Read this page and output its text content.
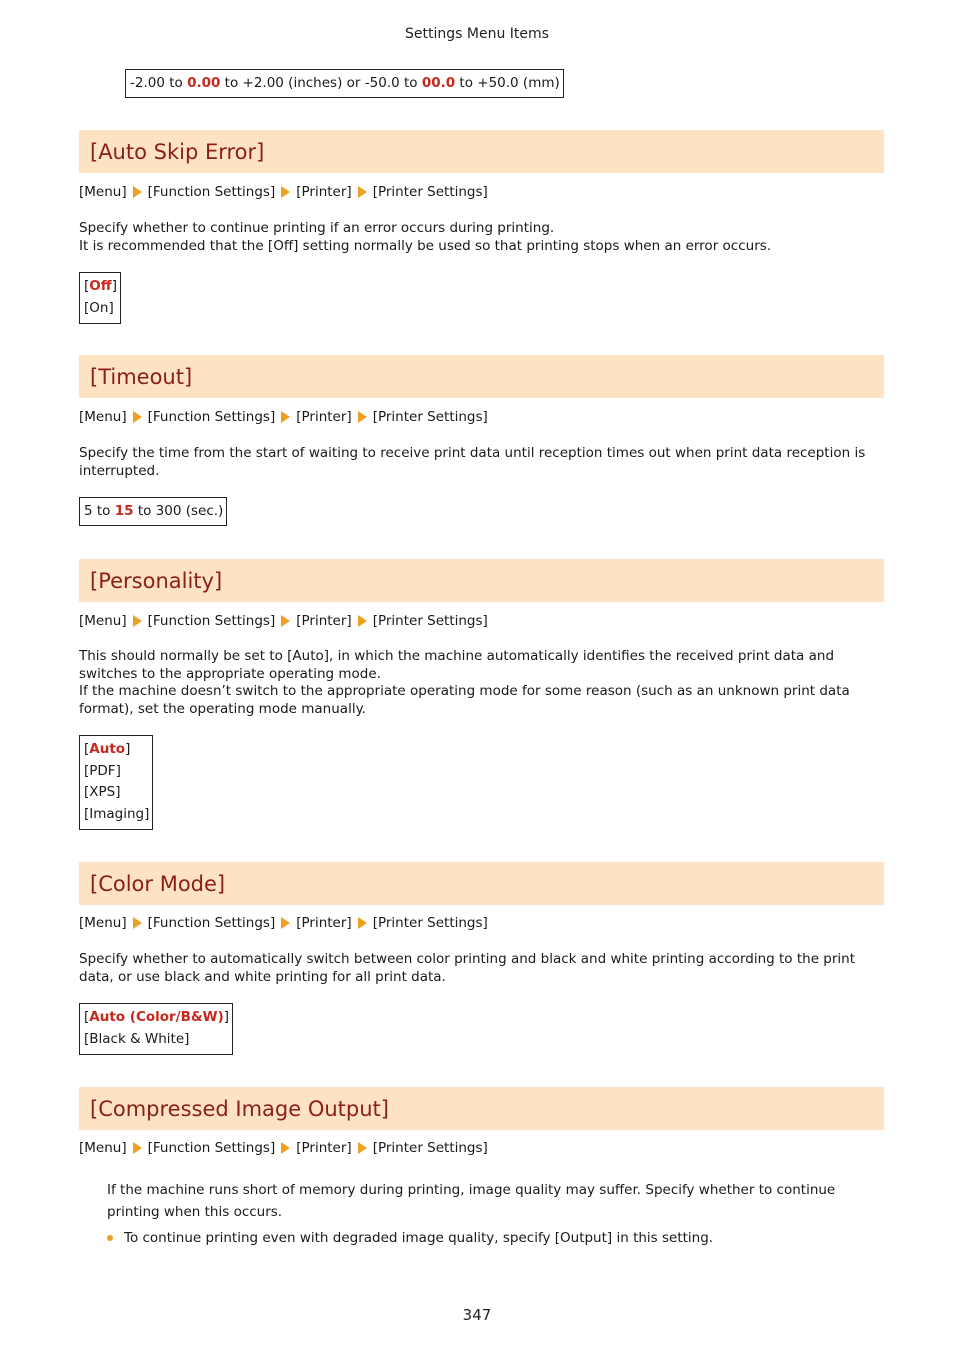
Settings Menu Items
-2.00 to 0.00 to +2.00 (inches) or -50.0 to 00.0 to +50.0 (mm)
[Auto Skip Error]
[Menu] [Function Settings] [Printer] [Printer Settings]

Specify whether to continue printing if an error occurs during printing.

It is recommended that the [Off] setting normally be used so that printing stops when an error occurs.

[Off]
[On]
[Timeout]
[Menu] [Function Settings] [Printer] [Printer Settings]

Specify the time from the start of waiting to receive print data until reception times out when print data reception is interrupted.

5 to 15 to 300 (sec.)
[Personality]
[Menu] [Function Settings] [Printer] [Printer Settings]

This should normally be set to [Auto], in which the machine automatically identifies the received print data and switches to the appropriate operating mode.

If the machine doesn’t switch to the appropriate operating mode for some reason (such as an unknown print data format), set the operating mode manually.

[Auto]
[PDF]
[XPS]
[Imaging]
[Color Mode]
[Menu] [Function Settings] [Printer] [Printer Settings]

Specify whether to automatically switch between color printing and black and white printing according to the print data, or use black and white printing for all print data.

[Auto (Color/B&W)]
[Black & White]
[Compressed Image Output]
[Menu] [Function Settings] [Printer] [Printer Settings]
If the machine runs short of memory during printing, image quality may suffer. Specify whether to continue printing when this occurs.
To continue printing even with degraded image quality, specify [Output] in this setting.
347
